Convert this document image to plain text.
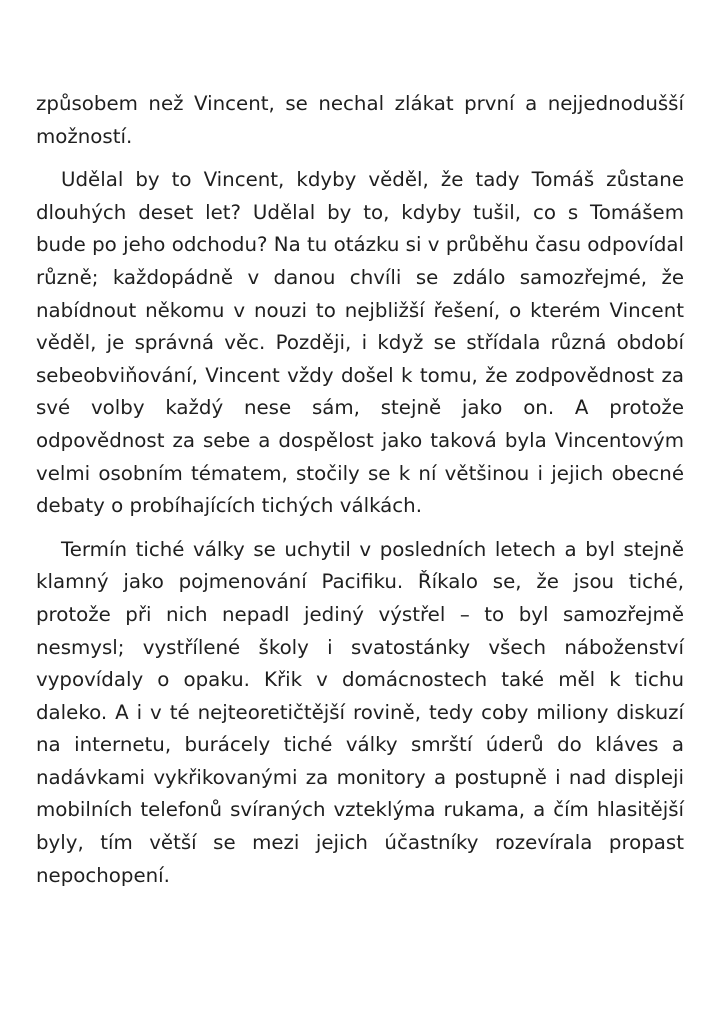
způsobem než Vincent, se nechal zlákat první a nejjednodušší možností.

Udělal by to Vincent, kdyby věděl, že tady Tomáš zůstane dlouhých deset let? Udělal by to, kdyby tušil, co s Tomášem bude po jeho odchodu? Na tu otázku si v průběhu času odpovídal různě; každopádně v danou chvíli se zdálo samozřejmé, že nabídnout někomu v nouzi to nejbližší řešení, o kterém Vincent věděl, je správná věc. Později, i když se střídala různá období sebeobviňování, Vincent vždy došel k tomu, že zodpovědnost za své volby každý nese sám, stejně jako on. A protože odpovědnost za sebe a dospělost jako taková byla Vincentovým velmi osobním tématem, stočily se k ní většinou i jejich obecné debaty o probíhajících tichých válkách.

Termín tiché války se uchytil v posledních letech a byl stejně klamný jako pojmenování Pacifiku. Říkalo se, že jsou tiché, protože při nich nepadl jediný výstřel – to byl samozřejmě nesmysl; vystřílené školy i svatostánky všech náboženství vypovídaly o opaku. Křik v domácnostech také měl k tichu daleko. A i v té nejteoretičtější rovině, tedy coby miliony diskuzí na internetu, burácely tiché války smrští úderů do kláves a nadávkami vykřikovanými za monitory a postupně i nad displeji mobilních telefonů svíraných vzteklýma rukama, a čím hlasitější byly, tím větší se mezi jejich účastníky rozevírala propast nepochopení.
